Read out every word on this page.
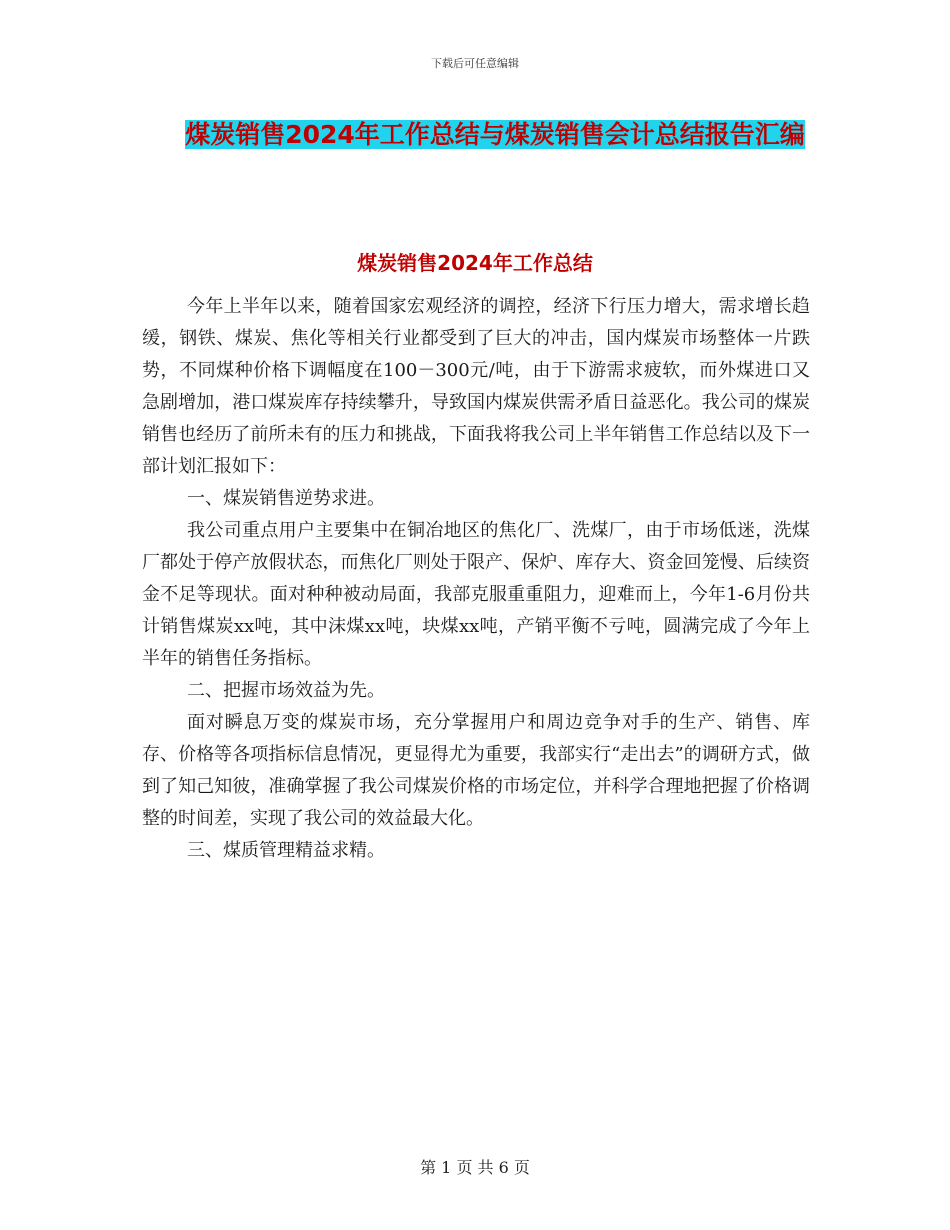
下载后可任意编辑
煤炭销售2024年工作总结与煤炭销售会计总结报告汇编
煤炭销售2024年工作总结

今年上半年以来，随着国家宏观经济的调控，经济下行压力增大，需求增长趋缓，钢铁、煤炭、焦化等相关行业都受到了巨大的冲击，国内煤炭市场整体一片跌势，不同煤种价格下调幅度在100－300元/吨，由于下游需求疲软，而外煤进口又急剧增加，港口煤炭库存持续攀升，导致国内煤炭供需矛盾日益恶化。我公司的煤炭销售也经历了前所未有的压力和挑战，下面我将我公司上半年销售工作总结以及下一部计划汇报如下：

一、煤炭销售逆势求进。

我公司重点用户主要集中在铜冶地区的焦化厂、洗煤厂，由于市场低迷，洗煤厂都处于停产放假状态，而焦化厂则处于限产、保炉、库存大、资金回笼慢、后续资金不足等现状。面对种种被动局面，我部克服重重阻力，迎难而上，今年1-6月份共计销售煤炭xx吨，其中沫煤xx吨，块煤xx吨，产销平衡不亏吨，圆满完成了今年上半年的销售任务指标。

二、把握市场效益为先。

面对瞬息万变的煤炭市场，充分掌握用户和周边竞争对手的生产、销售、库存、价格等各项指标信息情况，更显得尤为重要，我部实行“走出去”的调研方式，做到了知己知彼，准确掌握了我公司煤炭价格的市场定位，并科学合理地把握了价格调整的时间差，实现了我公司的效益最大化。

三、煤质管理精益求精。

第 1 页 共 6 页
